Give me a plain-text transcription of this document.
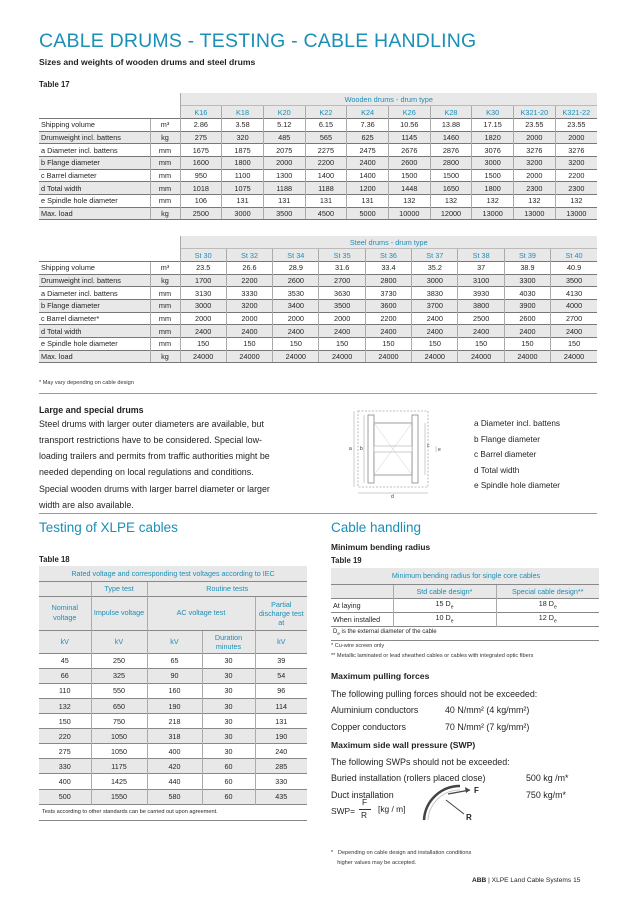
CABLE DRUMS - TESTING - CABLE HANDLING
Sizes and weights of wooden drums and steel drums
Table 17
		Wooden drums - drum type									
		K16	K18	K20	K22	K24	K26	K28	K30	K321-20	K321-22
Shipping volume	m³	2.86	3.58	5.12	6.15	7.36	10.56	13.88	17.15	23.55	23.55
Drumweight incl. battens	kg	275	320	485	565	625	1145	1460	1820	2000	2000
a Diameter incl. battens	mm	1675	1875	2075	2275	2475	2676	2876	3076	3276	3276
b Flange diameter	mm	1600	1800	2000	2200	2400	2600	2800	3000	3200	3200
c Barrel diameter	mm	950	1100	1300	1400	1400	1500	1500	1500	2000	2200
d Total width	mm	1018	1075	1188	1188	1200	1448	1650	1800	2300	2300
e Spindle hole diameter	mm	106	131	131	131	131	132	132	132	132	132
Max. load	kg	2500	3000	3500	4500	5000	10000	12000	13000	13000	13000
		Steel drums - drum type								
		St 30	St 32	St 34	St 35	St 36	St 37	St 38	St 39	St 40
Shipping volume	m³	23.5	26.6	28.9	31.6	33.4	35.2	37	38.9	40.9
Drumweight incl. battens	kg	1700	2200	2600	2700	2800	3000	3100	3300	3500
a Diameter incl. battens	mm	3130	3330	3530	3630	3730	3830	3930	4030	4130
b Flange diameter	mm	3000	3200	3400	3500	3600	3700	3800	3900	4000
c Barrel diameter*	mm	2000	2000	2000	2000	2200	2400	2500	2600	2700
d Total width	mm	2400	2400	2400	2400	2400	2400	2400	2400	2400
e Spindle hole diameter	mm	150	150	150	150	150	150	150	150	150
Max. load	kg	24000	24000	24000	24000	24000	24000	24000	24000	24000
* May vary depending on cable design
Large and special drums
Steel drums with larger outer diameters are available, but
transport restrictions have to be considered. Special low-
loading trailers and permits from traffic authorities might be
needed depending on local regulations and conditions.
Special wooden drums with larger barrel diameter or larger
width are also available.
a b	c
d
e
a Diameter incl. battens
b Flange diameter
c Barrel diameter
d Total width
e Spindle hole diameter
Testing of XLPE cables
Table 18
Rated voltage and corresponding test voltages according to IEC				
	Type test	Routine tests		
Nominal voltage	Impulse voltage	AC voltage test		Partial discharge test at
kV	kV	kV	Duration minutes	kV
45	250	65	30	39
66	325	90	30	54
110	550	160	30	96
132	650	190	30	114
150	750	218	30	131
220	1050	318	30	190
275	1050	400	30	240
330	1175	420	60	285
400	1425	440	60	330
500	1550	580	60	435
Tests according to other standards can be carried out upon agreement.				
Cable handling
Minimum bending radius
Table 19
Minimum bending radius for single core cables		
	Std cable design*	Special cable design**
At laying	15 $D_e$	18 $D_e$
When installed	10 $D_e$	12 $D_e$
$D_e$ is the external diameter of the cable		
* Cu-wire screen only
** Metallic laminated or lead sheathed cables or cables with integrated optic fibers
Maximum pulling forces
The following pulling forces should not be exceeded:
Aluminium conductors	40 N/mm² (4 kg/mm²)
Copper conductors	70 N/mm² (7 kg/mm²)
Maximum side wall pressure (SWP)
The following SWPs should not be exceeded:
Buried installation (rollers placed close)	500 kg /m*
Duct installation	750 kg/m*
SWP=
F
R
[kg / m]
F
R

*   Depending on cable design and installation conditions
higher values may be accepted.

ABB | XLPE Land Cable Systems 15
